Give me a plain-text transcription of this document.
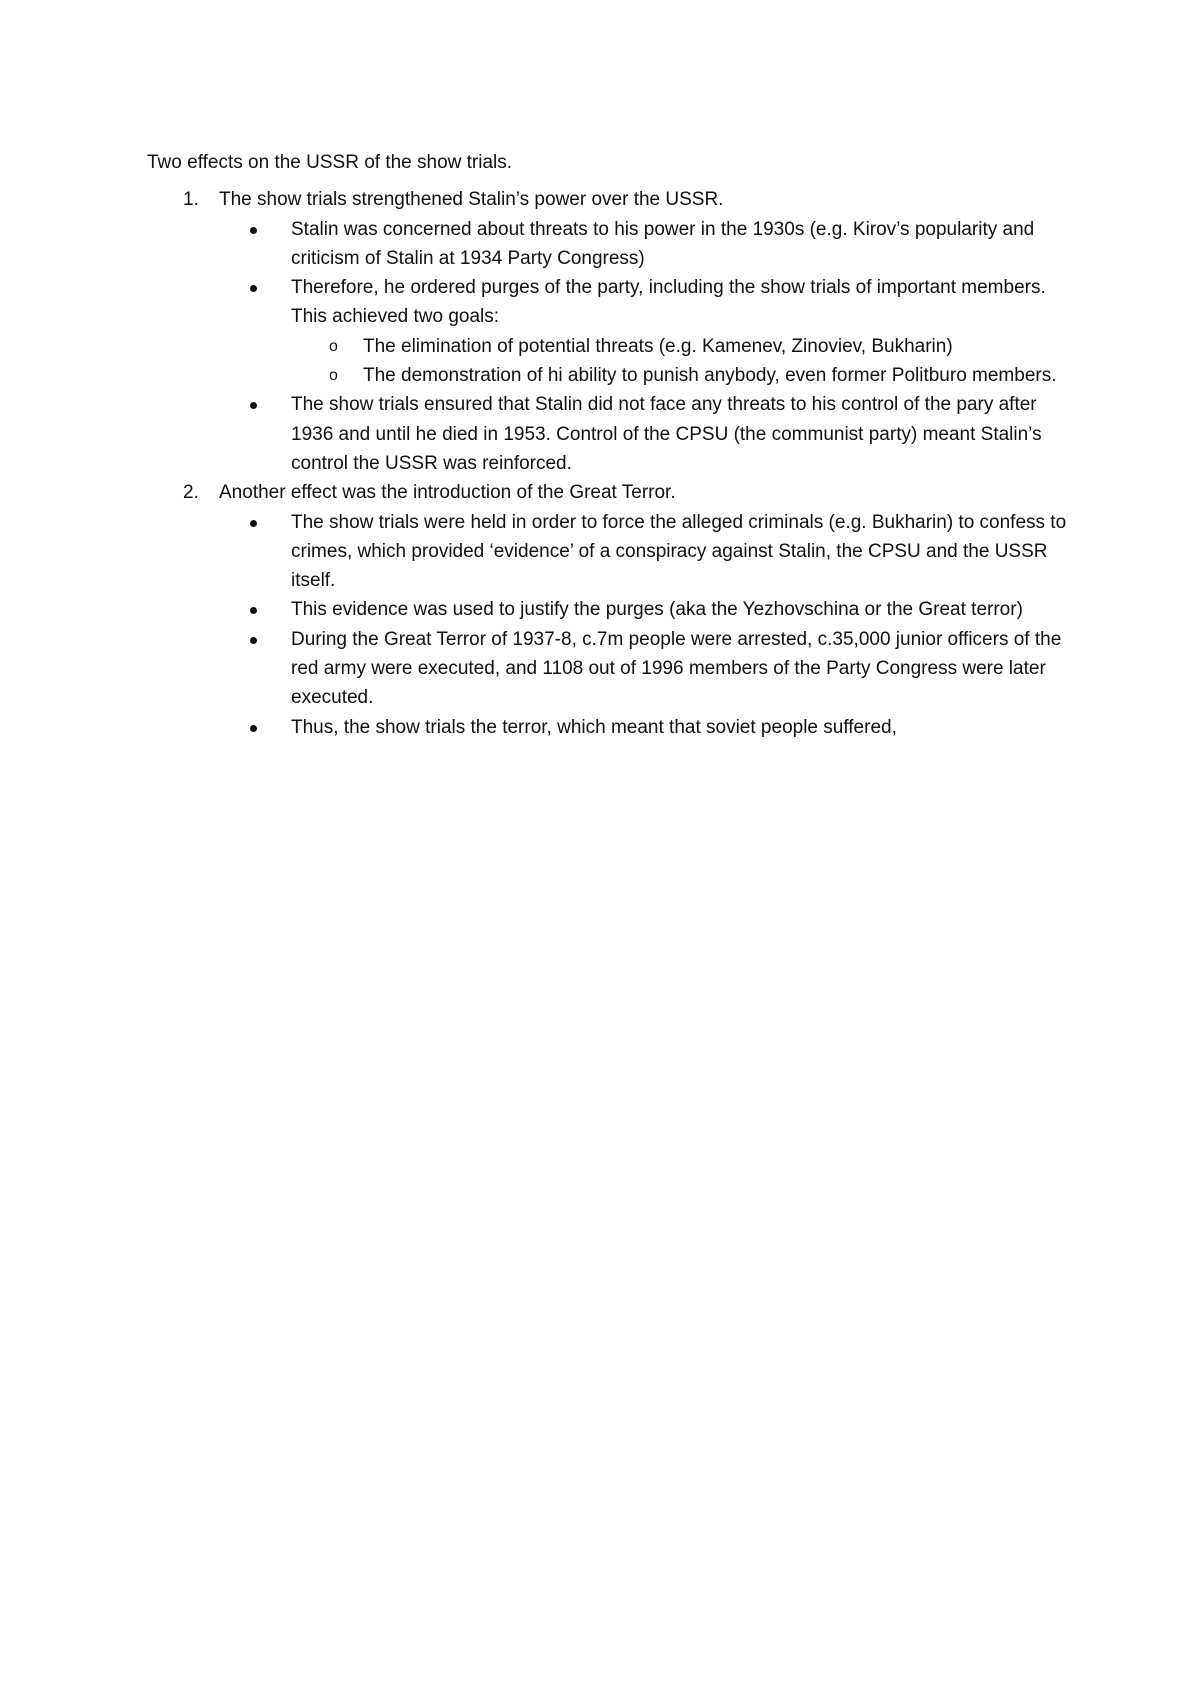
Two effects on the USSR of the show trials.
1.	The show trials strengthened Stalin’s power over the USSR.
Stalin was concerned about threats to his power in the 1930s (e.g. Kirov’s popularity and criticism of Stalin at 1934 Party Congress)
Therefore, he ordered purges of the party, including the show trials of important members. This achieved two goals:
o The elimination of potential threats (e.g. Kamenev, Zinoviev, Bukharin)
o The demonstration of hi ability to punish anybody, even former Politburo members.
The show trials ensured that Stalin did not face any threats to his control of the pary after 1936 and until he died in 1953. Control of the CPSU (the communist party) meant Stalin’s control the USSR was reinforced.
2.	Another effect was the introduction of the Great Terror.
The show trials were held in order to force the alleged criminals (e.g. Bukharin) to confess to crimes, which provided ‘evidence’ of a conspiracy against Stalin, the CPSU and the USSR itself.
This evidence was used to justify the purges (aka the Yezhovschina or the Great terror)
During the Great Terror of 1937-8, c.7m people were arrested, c.35,000 junior officers of the red army were executed, and 1108 out of 1996 members of the Party Congress were later executed.
Thus, the show trials the terror, which meant that soviet people suffered,
